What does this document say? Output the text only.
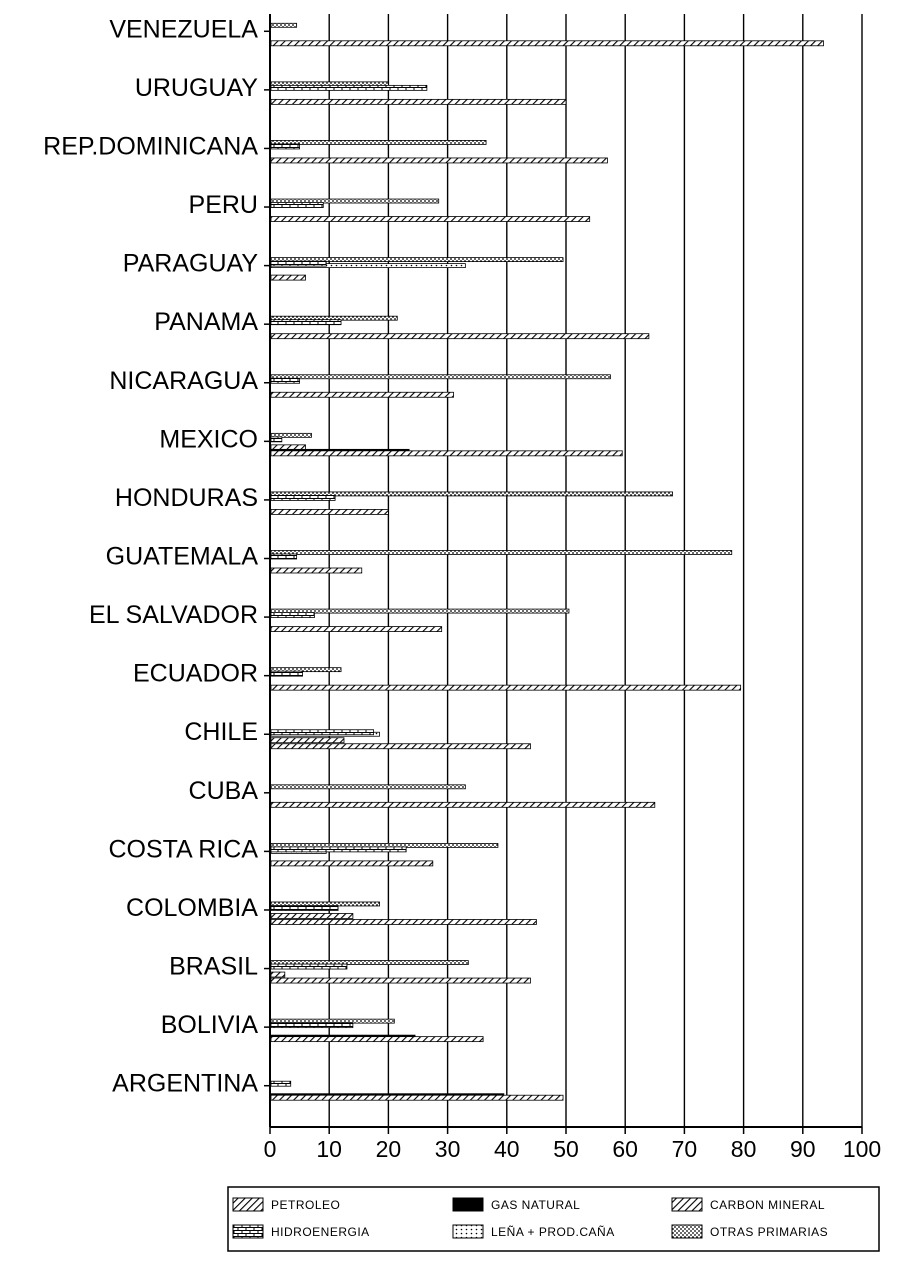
VENEZUELA
URUGUAY
REP.DOMINICANA
PERU
PARAGUAY
PANAMA
NICARAGUA
MEXICO
HONDURAS
GUATEMALA
EL SALVADOR
ECUADOR
CHILE
CUBA
COSTA RICA
COLOMBIA
BRASIL
BOLIVIA
ARGENTINA
0 10 20 30 40 50 60 70 80 90 100
PETROLEO	GAS NATURAL	CARBON MINERAL
HIDROENERGIA	LEÑA + PROD.CAÑA	OTRAS PRIMARIAS
